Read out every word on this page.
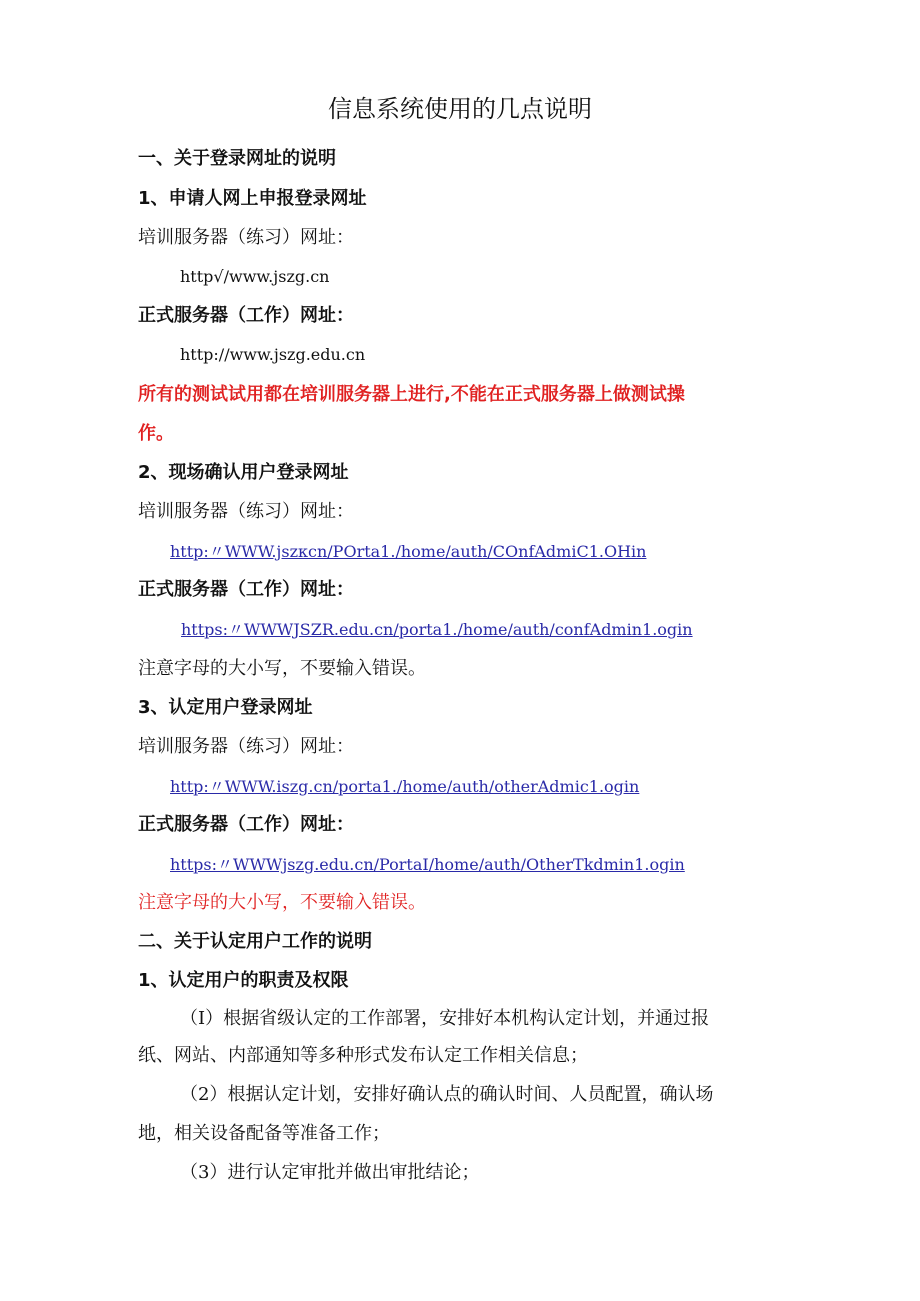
信息系统使用的几点说明
一、关于登录网址的说明
1、申请人网上申报登录网址
培训服务器（练习）网址：
http√/www.jszg.cn
正式服务器（工作）网址：
http://www.jszg.edu.cn
所有的测试试用都在培训服务器上进行,不能在正式服务器上做测试操
作。
2、现场确认用户登录网址
培训服务器（练习）网址：
http:〃WWW.jszκcn/POrta1./home/auth/COnfAdmiC1.OHin
正式服务器（工作）网址：
https:〃WWWJSZR.edu.cn/porta1./home/auth/confAdmin1.ogin
注意字母的大小写，不要输入错误。
3、认定用户登录网址
培训服务器（练习）网址：
http:〃WWW.iszg.cn/porta1./home/auth/otherAdmic1.ogin
正式服务器（工作）网址：
https:〃WWWjszg.edu.cn/PortaI/home/auth/OtherTkdmin1.ogin
注意字母的大小写，不要输入错误。
二、关于认定用户工作的说明
1、认定用户的职责及权限
（I）根据省级认定的工作部署，安排好本机构认定计划，并通过报
纸、网站、内部通知等多种形式发布认定工作相关信息；
（2）根据认定计划，安排好确认点的确认时间、人员配置，确认场
地，相关设备配备等准备工作；
（3）进行认定审批并做出审批结论；
